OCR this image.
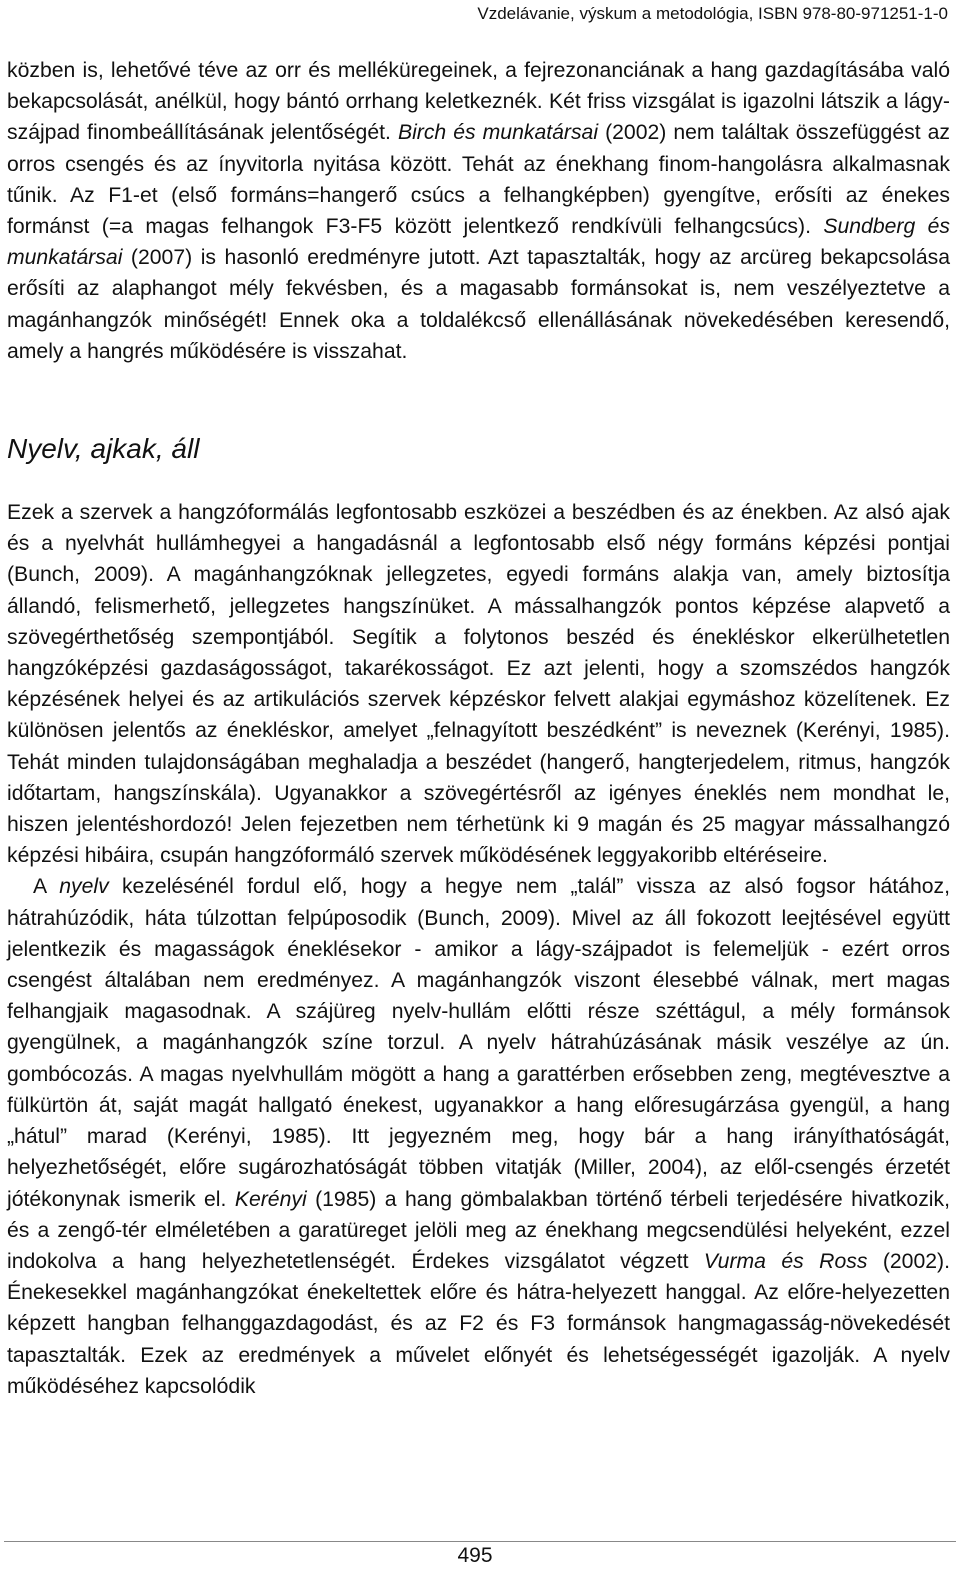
Vzdelávanie, výskum a metodológia, ISBN 978-80-971251-1-0

közben is, lehetővé téve az orr és melléküregeinek, a fejrezonanciának a hang gazdagításába való bekapcsolását, anélkül, hogy bántó orrhang keletkeznék. Két friss vizsgálat is igazolni látszik a lágy-szájpad finombeállításának jelentőségét. Birch és munkatársai (2002) nem találtak összefüggést az orros csengés és az ínyvitorla nyitása között. Tehát az énekhang finom-hangolásra alkalmasnak tűnik. Az F1-et (első formáns=hangerő csúcs a felhangképben) gyengítve, erősíti az énekes formánst (=a magas felhangok F3-F5 között jelentkező rendkívüli felhangcsúcs). Sundberg és munkatársai (2007) is hasonló eredményre jutott. Azt tapasztalták, hogy az arcüreg bekapcsolása erősíti az alaphangot mély fekvésben, és a magasabb formánsokat is, nem veszélyeztetve a magánhangzók minőségét! Ennek oka a toldalékcső ellenállásának növekedésében keresendő, amely a hangrés működésére is visszahat.

Nyelv, ajkak, áll

Ezek a szervek a hangzóformálás legfontosabb eszközei a beszédben és az énekben. Az alsó ajak és a nyelvhát hullámhegyei a hangadásnál a legfontosabb első négy formáns képzési pontjai (Bunch, 2009). A magánhangzóknak jellegzetes, egyedi formáns alakja van, amely biztosítja állandó, felismerhető, jellegzetes hangszínüket. A mássalhangzók pontos képzése alapvető a szövegérthetőség szempontjából. Segítik a folytonos beszéd és énekléskor elkerülhetetlen hangzóképzési gazdaságosságot, takarékosságot. Ez azt jelenti, hogy a szomszédos hangzók képzésének helyei és az artikulációs szervek képzéskor felvett alakjai egymáshoz közelítenek. Ez különösen jelentős az énekléskor, amelyet „felnagyított beszédként” is neveznek (Kerényi, 1985). Tehát minden tulajdonságában meghaladja a beszédet (hangerő, hangterjedelem, ritmus, hangzók időtartam, hangszínskála). Ugyanakkor a szövegértésről az igényes éneklés nem mondhat le, hiszen jelentéshordozó! Jelen fejezetben nem térhetünk ki 9 magán és 25 magyar mássalhangzó képzési hibáira, csupán hangzóformáló szervek működésének leggyakoribb eltéréseire.

A nyelv kezelésénél fordul elő, hogy a hegye nem „talál” vissza az alsó fogsor hátához, hátrahúzódik, háta túlzottan felpúposodik (Bunch, 2009). Mivel az áll fokozott leejtésével együtt jelentkezik és magasságok éneklésekor - amikor a lágy-szájpadot is felemeljük - ezért orros csengést általában nem eredményez. A magánhangzók viszont élesebbé válnak, mert magas felhangjaik magasodnak. A szájüreg nyelv-hullám előtti része széttágul, a mély formánsok gyengülnek, a magánhangzók színe torzul. A nyelv hátrahúzásának másik veszélye az ún. gombócozás. A magas nyelvhullám mögött a hang a garattérben erősebben zeng, megtévesztve a fülkürtön át, saját magát hallgató énekest, ugyanakkor a hang előresugárzása gyengül, a hang „hátul” marad (Kerényi, 1985). Itt jegyezném meg, hogy bár a hang irányíthatóságát, helyezhetőségét, előre sugározhatóságát többen vitatják (Miller, 2004), az elől-csengés érzetét jótékonynak ismerik el. Kerényi (1985) a hang gömbalakban történő térbeli terjedésére hivatkozik, és a zengő-tér elméletében a garatüreget jelöli meg az énekhang megcsendülési helyeként, ezzel indokolva a hang helyezhetetlenségét. Érdekes vizsgálatot végzett Vurma és Ross (2002). Énekesekkel magánhangzókat énekeltettek előre és hátra-helyezett hanggal. Az előre-helyezetten képzett hangban felhanggazdagodást, és az F2 és F3 formánsok hangmagasság-növekedését tapasztalták. Ezek az eredmények a művelet előnyét és lehetségességét igazolják. A nyelv működéséhez kapcsolódik

495
